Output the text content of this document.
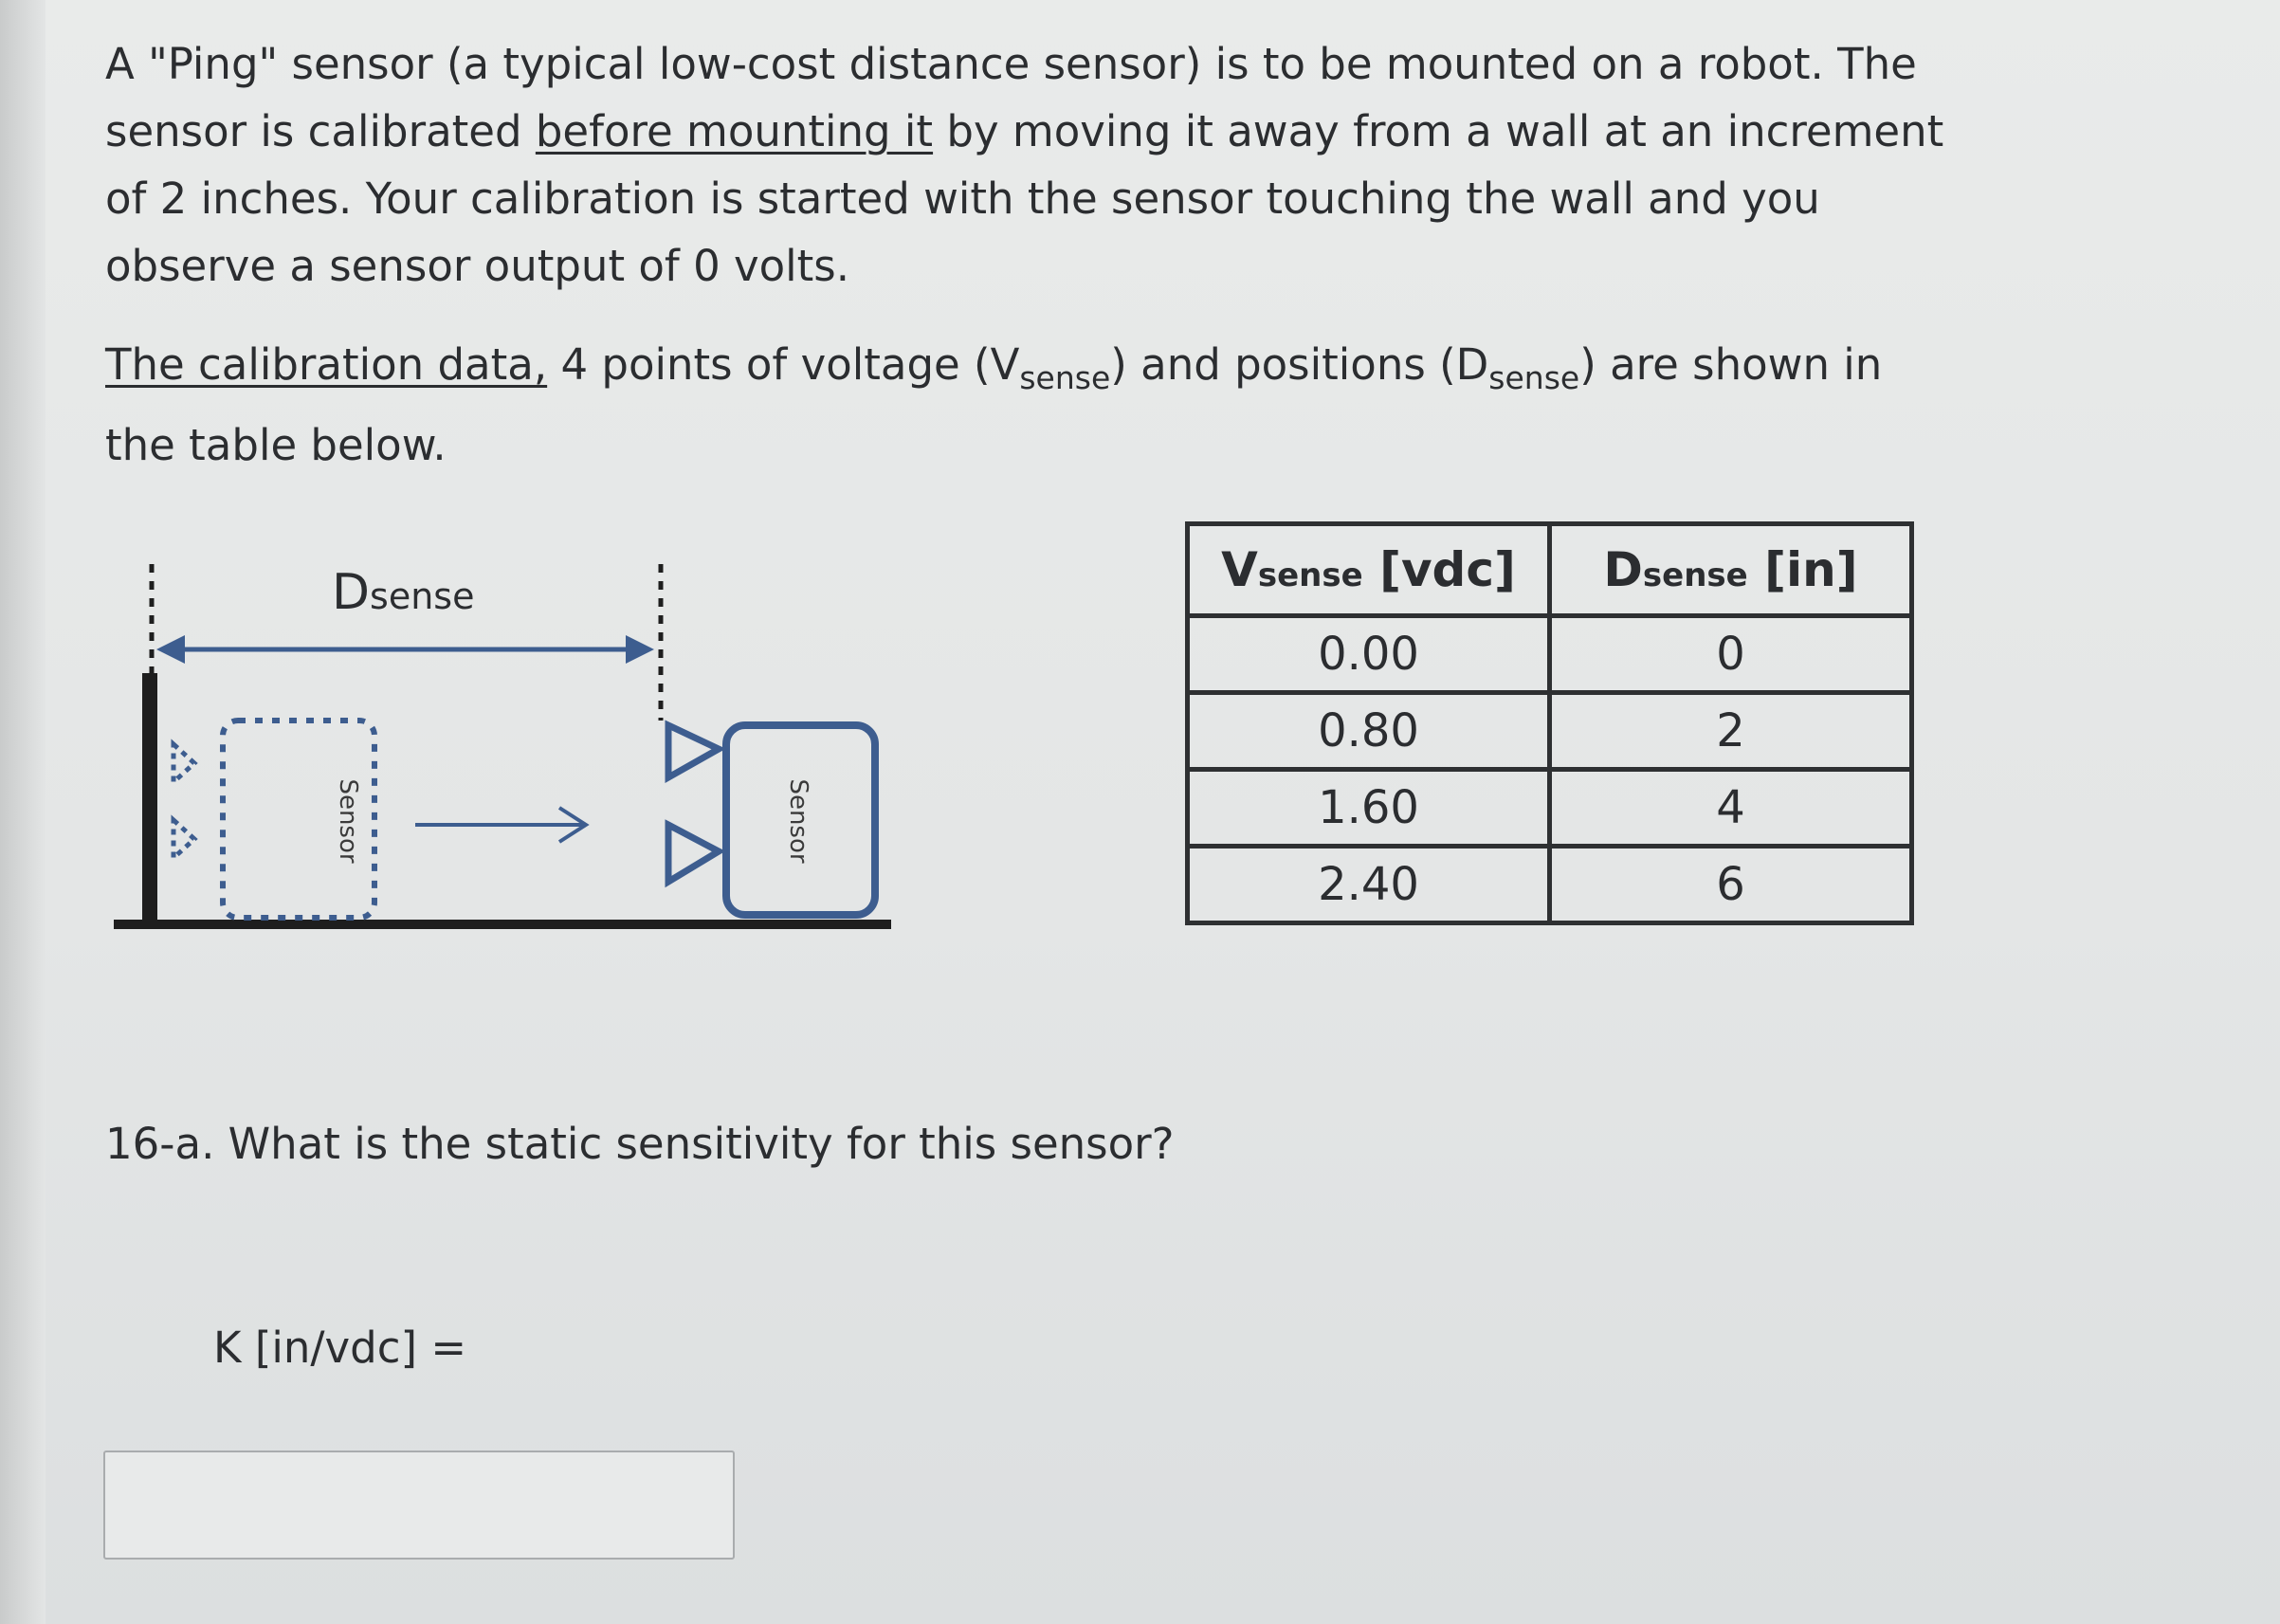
A "Ping" sensor (a typical low-cost distance sensor) is to be mounted on a robot. The sensor is calibrated before mounting it by moving it away from a wall at an increment of 2 inches. Your calibration is started with the sensor touching the wall and you observe a sensor output of 0 volts.

The calibration data, 4 points of voltage $(V_{sense})$ and positions $(D_{sense})$ are shown in the table below.

Dsense
Sensor	Sensor
Vsense [vdc]	Dsense [in]
0.00	0
0.80	2
1.60	4
2.40	6

16-a. What is the static sensitivity for this sensor?

K [in/vdc] =
